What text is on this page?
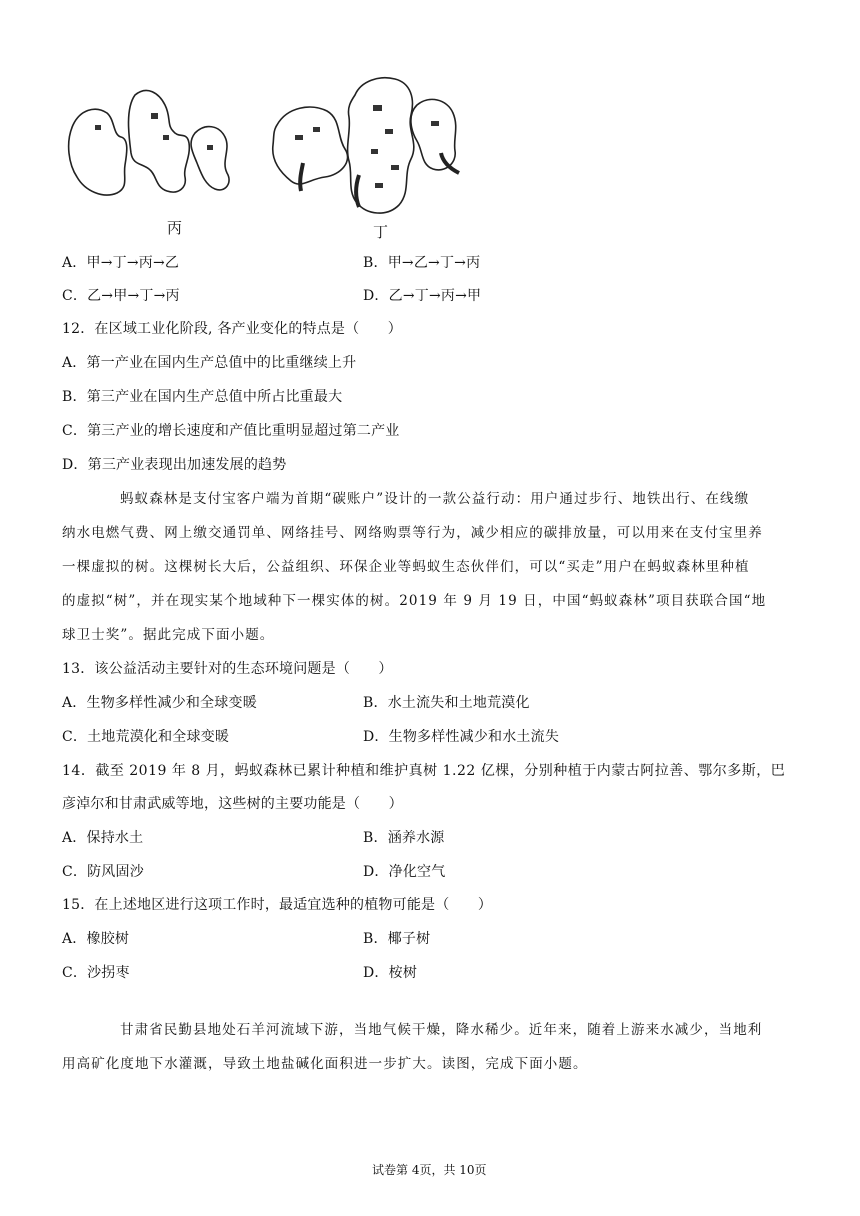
丙	丁
A．甲→丁→丙→乙	B．甲→乙→丁→丙
C．乙→甲→丁→丙	D．乙→丁→丙→甲
12．在区域工业化阶段, 各产业变化的特点是（　　）
A．第一产业在国内生产总值中的比重继续上升
B．第三产业在国内生产总值中所占比重最大
C．第三产业的增长速度和产值比重明显超过第二产业
D．第三产业表现出加速发展的趋势
蚂蚁森林是支付宝客户端为首期“碳账户”设计的一款公益行动：用户通过步行、地铁出行、在线缴
纳水电燃气费、网上缴交通罚单、网络挂号、网络购票等行为，减少相应的碳排放量，可以用来在支付宝里养
一棵虚拟的树。这棵树长大后，公益组织、环保企业等蚂蚁生态伙伴们，可以“买走”用户在蚂蚁森林里种植
的虚拟“树”，并在现实某个地域种下一棵实体的树。2019 年 9 月 19 日，中国“蚂蚁森林”项目获联合国“地
球卫士奖”。据此完成下面小题。
13．该公益活动主要针对的生态环境问题是（　　）
A．生物多样性减少和全球变暖	B．水土流失和土地荒漠化
C．土地荒漠化和全球变暖	D．生物多样性减少和水土流失
14．截至 2019 年 8 月，蚂蚁森林已累计种植和维护真树 1.22 亿棵，分别种植于内蒙古阿拉善、鄂尔多斯，巴
彦淖尔和甘肃武威等地，这些树的主要功能是（　　）
A．保持水土	B．涵养水源
C．防风固沙	D．净化空气
15．在上述地区进行这项工作时，最适宜选种的植物可能是（　　）
A．橡胶树	B．椰子树
C．沙拐枣	D．桉树
甘肃省民勤县地处石羊河流域下游，当地气候干燥，降水稀少。近年来，随着上游来水减少，当地利
用高矿化度地下水灌溉，导致土地盐碱化面积进一步扩大。读图，完成下面小题。
试卷第 4页，共 10页
